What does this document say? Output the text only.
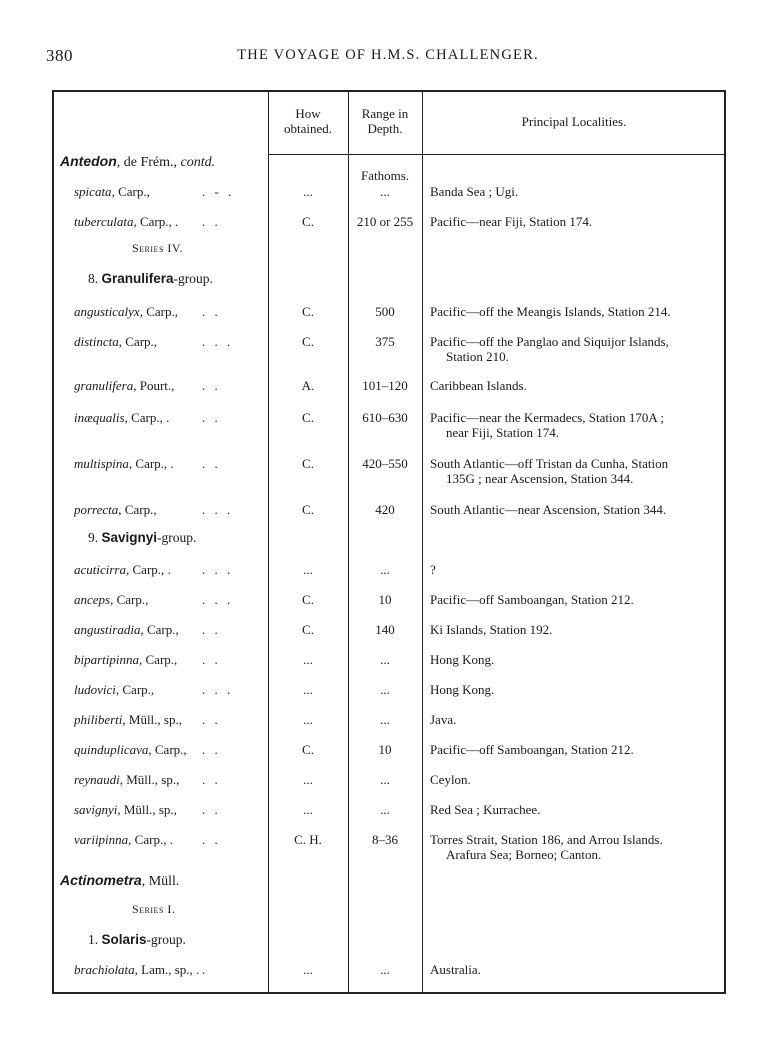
380	THE VOYAGE OF H.M.S. CHALLENGER.
How
obtained.
Range in
Depth.	Principal Localities.
Antedon, de Frém., contd.
Fathoms.
spicata, Carp.,	. - .	...	...	Banda Sea ; Ugi.
tuberculata, Carp., . . .	C.	210 or 255	Pacific—near Fiji, Station 174.
Series IV.
8. Granulifera-group.
angusticalyx, Carp., . .	C.	500	Pacific—off the Meangis Islands, Station 214.
distincta, Carp.,	. . .	C.	375	Pacific—off the Panglao and Siquijor Islands,
Station 210.
granulifera, Pourt., . .	A.	101–120	Caribbean Islands.
inæqualis, Carp., .	. .	C.	610–630	Pacific—near the Kermadecs, Station 170A ;
near Fiji, Station 174.
multispina, Carp., . . .	C.	420–550	South Atlantic—off Tristan da Cunha, Station
135G ; near Ascension, Station 344.
porrecta, Carp.,	. . .	C.	420	South Atlantic—near Ascension, Station 344.
9. Savignyi-group.
acuticirra, Carp., . . . .	...	...	?
anceps, Carp.,	. . .	C.	10	Pacific—off Samboangan, Station 212.
angustiradia, Carp., . .	C.	140	Ki Islands, Station 192.
bipartipinna, Carp., . .	...	...	Hong Kong.
ludovici, Carp.,	. . .	...	...	Hong Kong.
philiberti, Müll., sp., . .	...	...	Java.
quinduplicava, Carp., . .	C.	10	Pacific—off Samboangan, Station 212.
reynaudi, Müll., sp., . .	...	...	Ceylon.
savignyi, Müll., sp., . .	...	...	Red Sea ; Kurrachee.
variipinna, Carp., . . .	C. H.	8–36	Torres Strait, Station 186, and Arrou Islands.
Arafura Sea; Borneo; Canton.
Actinometra, Müll.
Series I.
1. Solaris-group.
brachiolata, Lam., sp., . .	...	...	Australia.
